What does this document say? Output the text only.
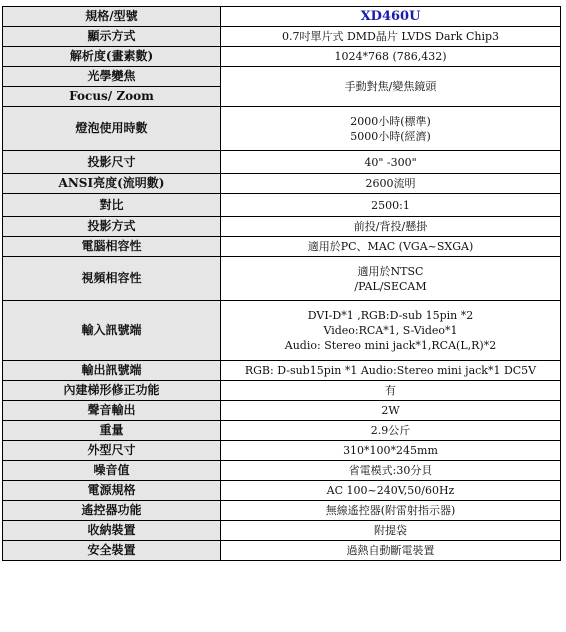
規格/型號	XD460U
顯示方式	0.7吋單片式 DMD晶片 LVDS Dark Chip3
解析度(畫素數)	1024*768 (786,432)
光學變焦	手動對焦/變焦鏡頭
Focus/ Zoom	
燈泡使用時數	2000小時(標準)
5000小時(經濟)

投影尺寸	40" -300"
ANSI亮度(流明數)	2600流明
對比	2500:1
投影方式	前投/背投/懸掛
電腦相容性	適用於PC、MAC (VGA~SXGA)
視頻相容性	適用於NTSC
/PAL/SECAM

輸入訊號端	DVI-D*1 ,RGB:D-sub 15pin *2
Video:RCA*1, S-Video*1
Audio: Stereo mini jack*1,RCA(L,R)*2

輸出訊號端	RGB: D-sub15pin *1 Audio:Stereo mini jack*1 DC5V
內建梯形修正功能	有
聲音輸出	2W
重量	2.9公斤
外型尺寸	310*100*245mm
噪音值	省電模式:30分貝
電源規格	AC 100~240V,50/60Hz
遙控器功能	無線遙控器(附雷射指示器)
收納裝置	附提袋
安全裝置	過熱自動斷電裝置
